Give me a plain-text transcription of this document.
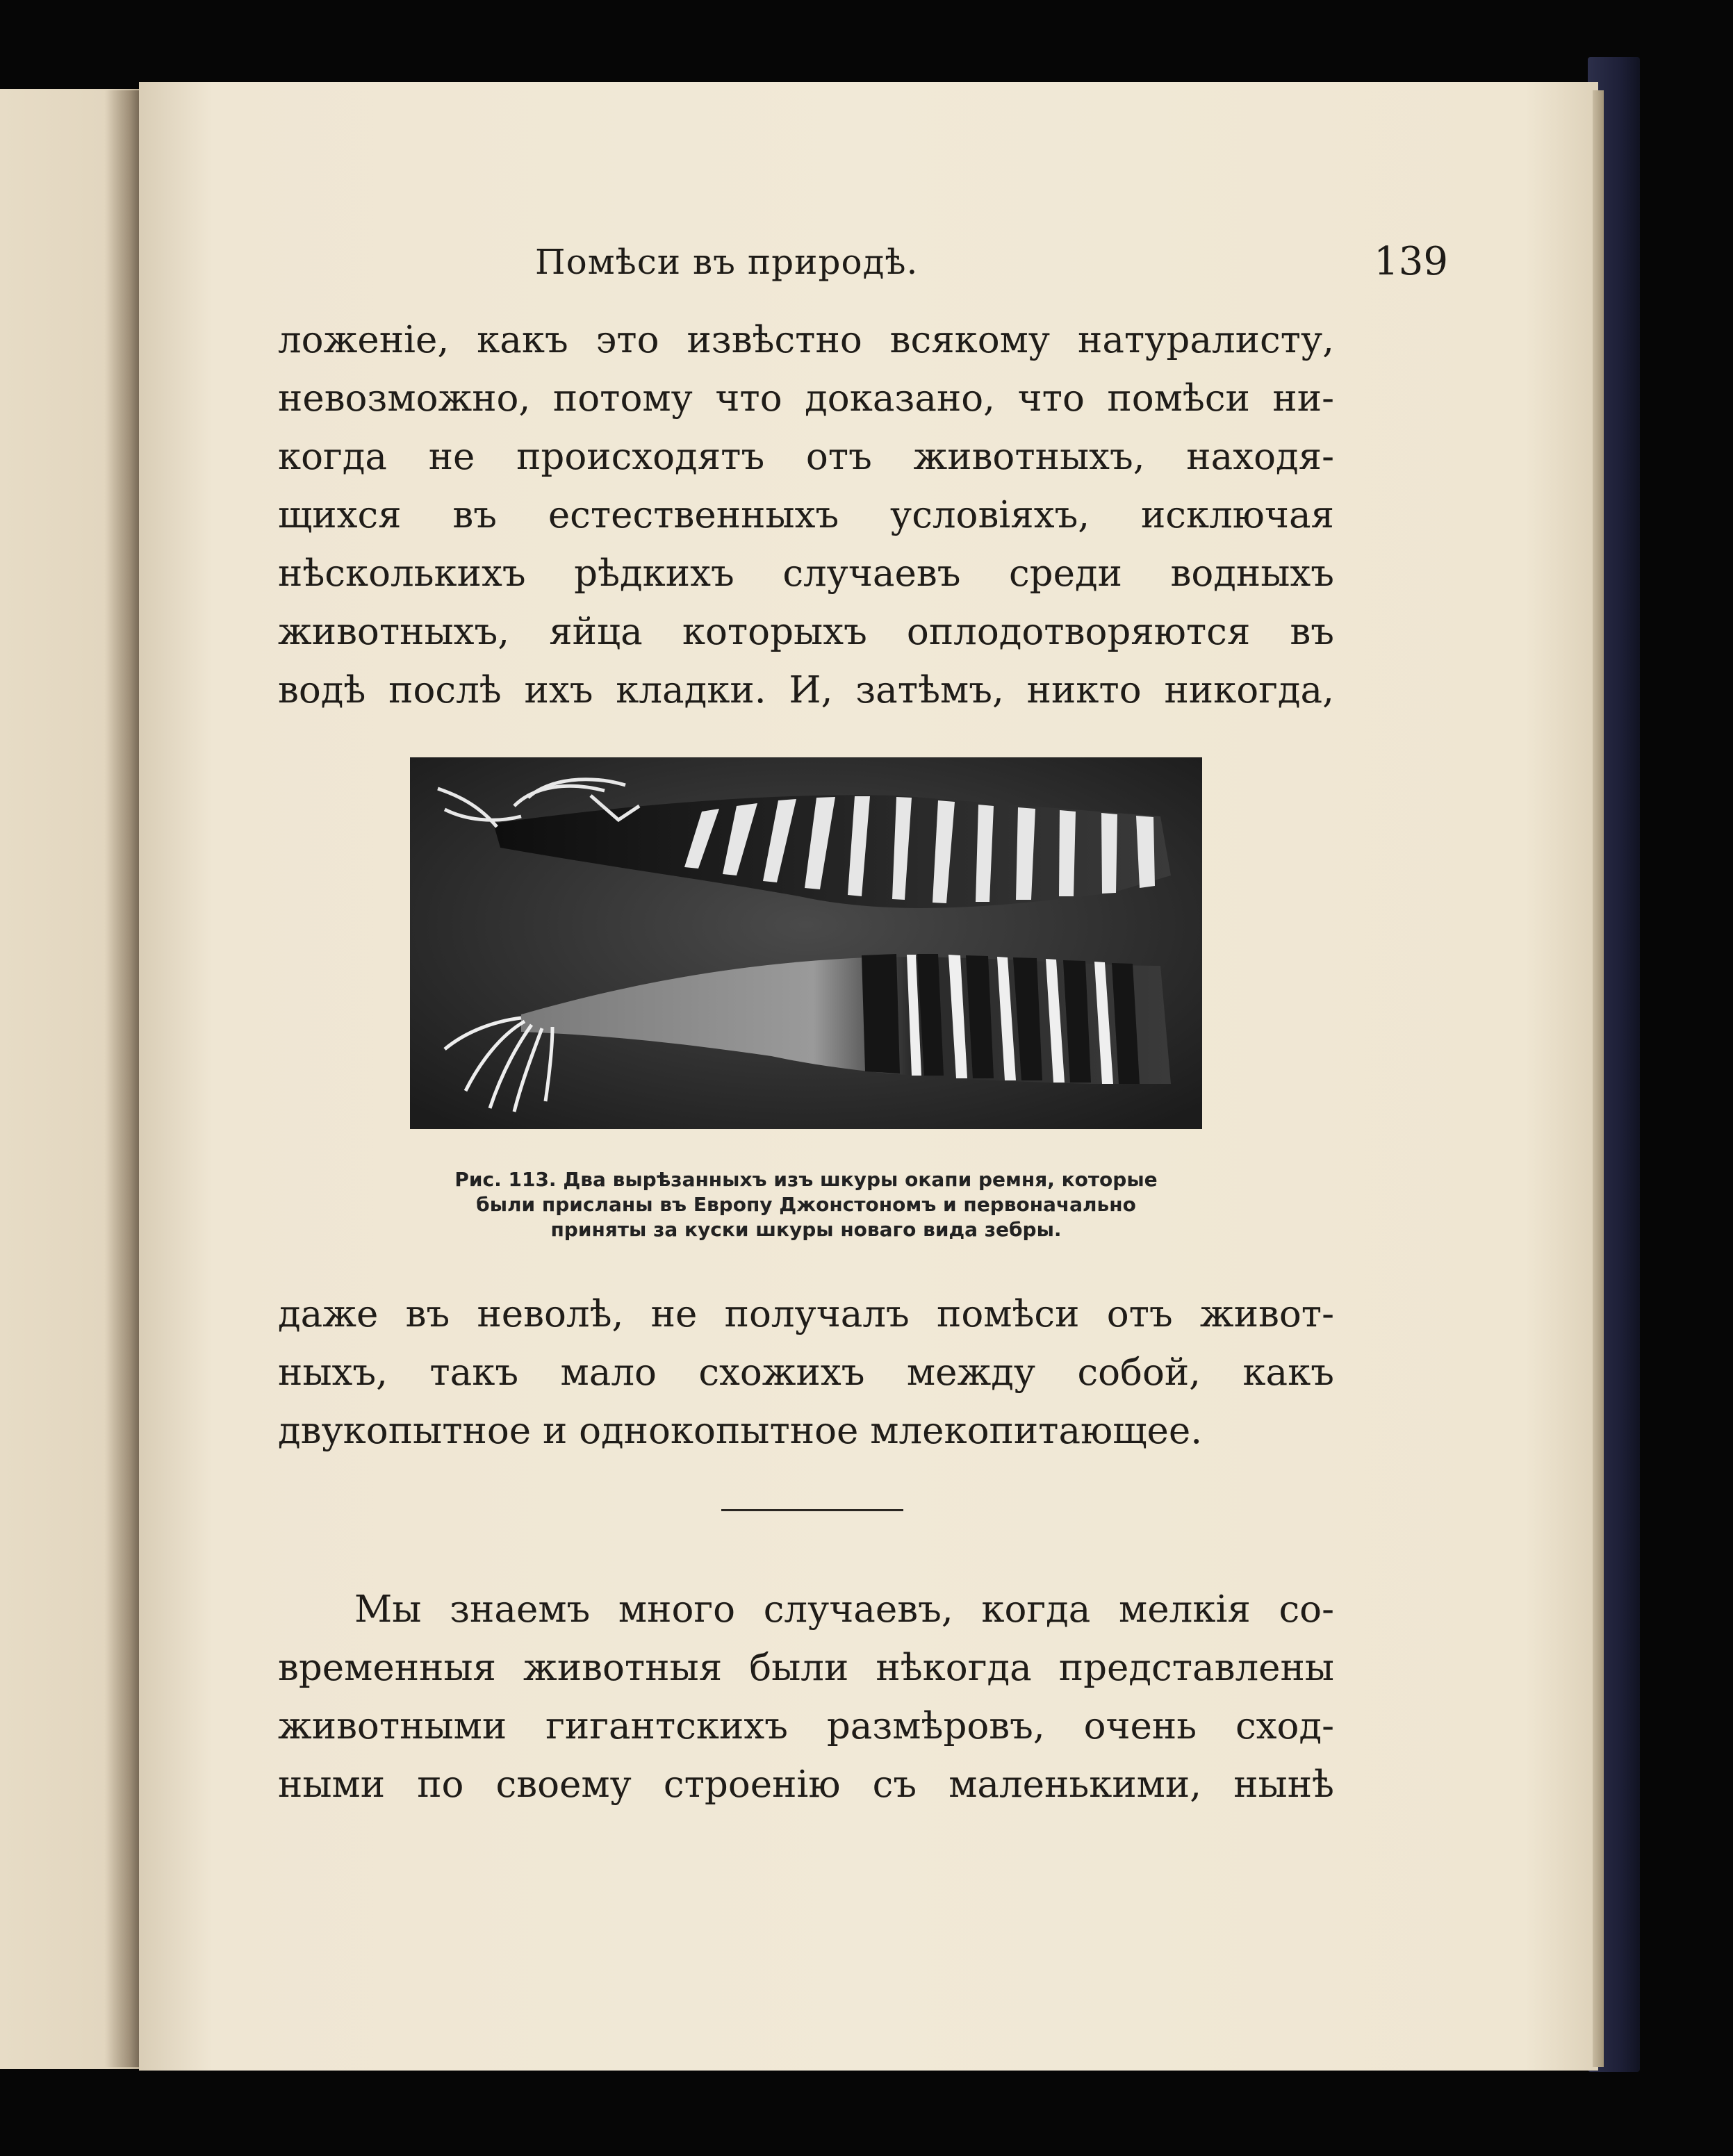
Помѣси въ природѣ.	139
ложеніе, какъ это извѣстно всякому натуралисту,
невозможно, потому что доказано, что помѣси ни-
когда не происходятъ отъ животныхъ, находя-
щихся въ естественныхъ условіяхъ, исключая
нѣсколькихъ рѣдкихъ случаевъ среди водныхъ
животныхъ, яйца которыхъ оплодотворяются въ
водѣ послѣ ихъ кладки. И, затѣмъ, никто никогда,
Рис. 113. Два вырѣзанныхъ изъ шкуры окапи ремня, которые
были присланы въ Европу Джонстономъ и первоначально
приняты за куски шкуры новаго вида зебры.
даже въ неволѣ, не получалъ помѣси отъ живот-
ныхъ, такъ мало схожихъ между собой, какъ
двукопытное и однокопытное млекопитающее.
Мы знаемъ много случаевъ, когда мелкія со-
временныя животныя были нѣкогда представлены
животными гигантскихъ размѣровъ, очень сход-
ными по своему строенію съ маленькими, нынѣ
